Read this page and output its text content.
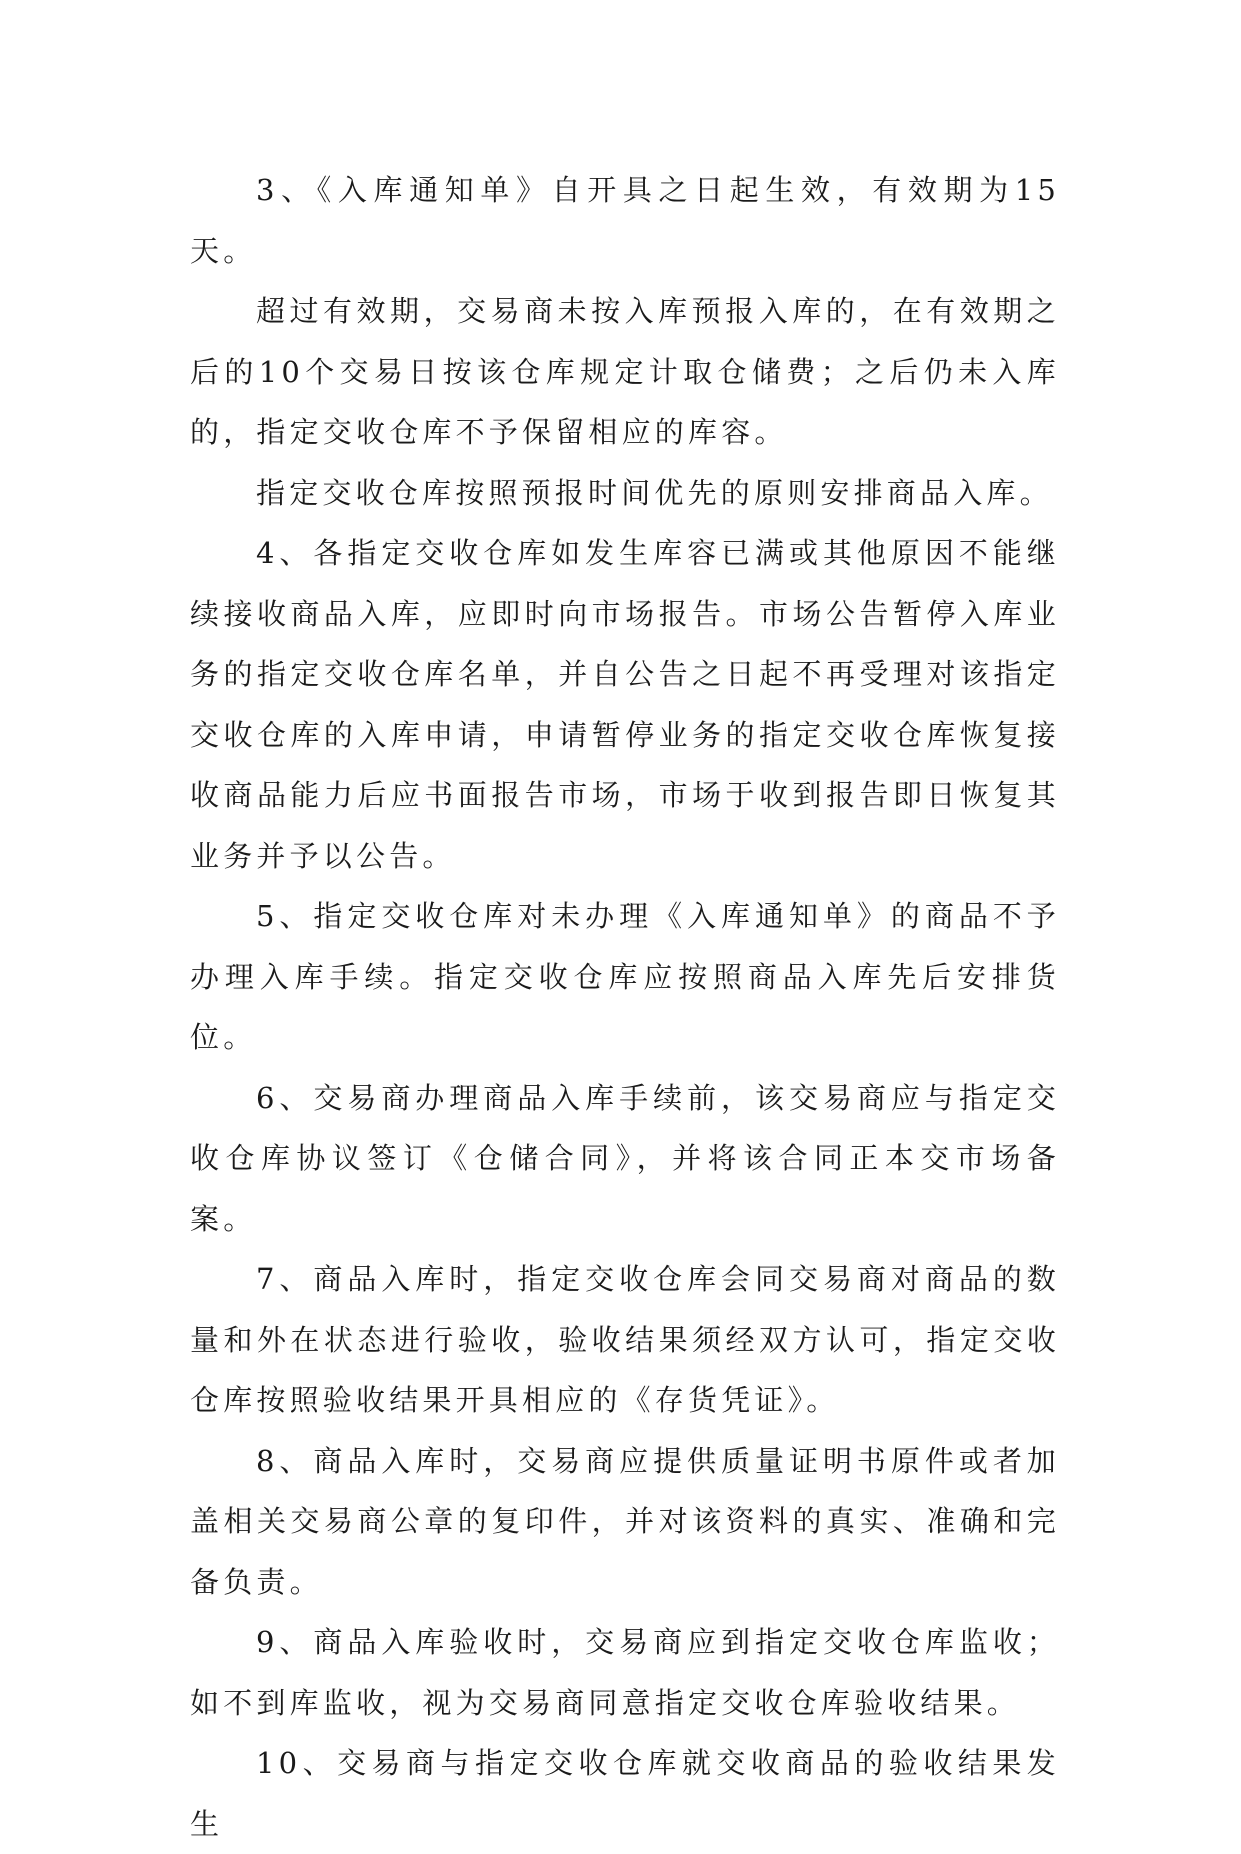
3、《入库通知单》自开具之日起生效，有效期为15天。

超过有效期，交易商未按入库预报入库的，在有效期之后的10个交易日按该仓库规定计取仓储费；之后仍未入库的，指定交收仓库不予保留相应的库容。

指定交收仓库按照预报时间优先的原则安排商品入库。

4、各指定交收仓库如发生库容已满或其他原因不能继续接收商品入库，应即时向市场报告。市场公告暂停入库业务的指定交收仓库名单，并自公告之日起不再受理对该指定交收仓库的入库申请，申请暂停业务的指定交收仓库恢复接收商品能力后应书面报告市场，市场于收到报告即日恢复其业务并予以公告。

5、指定交收仓库对未办理《入库通知单》的商品不予办理入库手续。指定交收仓库应按照商品入库先后安排货位。

6、交易商办理商品入库手续前，该交易商应与指定交收仓库协议签订《仓储合同》，并将该合同正本交市场备案。

7、商品入库时，指定交收仓库会同交易商对商品的数量和外在状态进行验收，验收结果须经双方认可，指定交收仓库按照验收结果开具相应的《存货凭证》。

8、商品入库时，交易商应提供质量证明书原件或者加盖相关交易商公章的复印件，并对该资料的真实、准确和完备负责。

9、商品入库验收时，交易商应到指定交收仓库监收；如不到库监收，视为交易商同意指定交收仓库验收结果。

10、交易商与指定交收仓库就交收商品的验收结果发生
